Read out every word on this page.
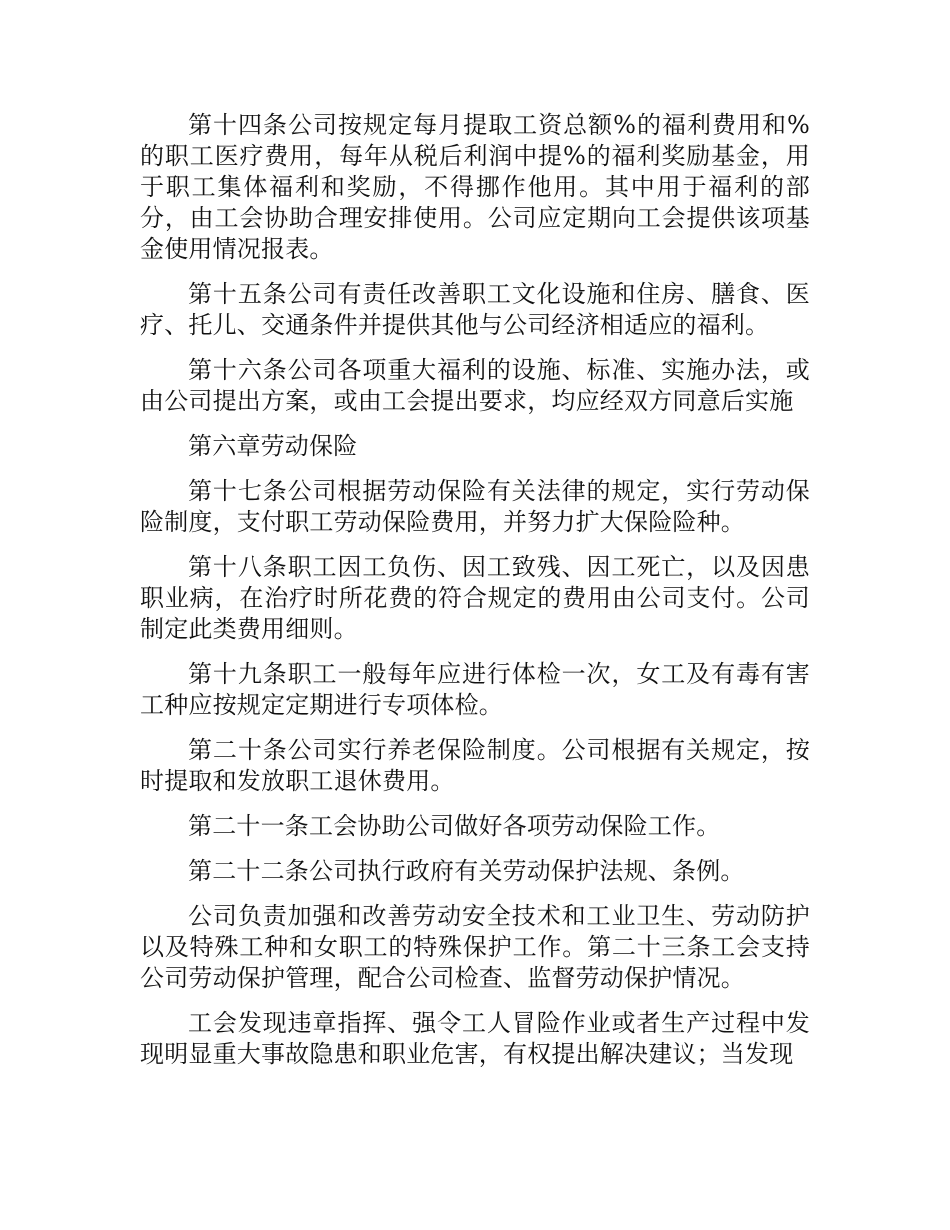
第十四条公司按规定每月提取工资总额%的福利费用和%的职工医疗费用，每年从税后利润中提%的福利奖励基金，用于职工集体福利和奖励，不得挪作他用。其中用于福利的部分，由工会协助合理安排使用。公司应定期向工会提供该项基金使用情况报表。

第十五条公司有责任改善职工文化设施和住房、膳食、医疗、托儿、交通条件并提供其他与公司经济相适应的福利。

第十六条公司各项重大福利的设施、标准、实施办法，或由公司提出方案，或由工会提出要求，均应经双方同意后实施

第六章劳动保险

第十七条公司根据劳动保险有关法律的规定，实行劳动保险制度，支付职工劳动保险费用，并努力扩大保险险种。

第十八条职工因工负伤、因工致残、因工死亡，以及因患职业病，在治疗时所花费的符合规定的费用由公司支付。公司制定此类费用细则。

第十九条职工一般每年应进行体检一次，女工及有毒有害工种应按规定定期进行专项体检。

第二十条公司实行养老保险制度。公司根据有关规定，按时提取和发放职工退休费用。

第二十一条工会协助公司做好各项劳动保险工作。

第二十二条公司执行政府有关劳动保护法规、条例。

公司负责加强和改善劳动安全技术和工业卫生、劳动防护以及特殊工种和女职工的特殊保护工作。第二十三条工会支持公司劳动保护管理，配合公司检查、监督劳动保护情况。

工会发现违章指挥、强令工人冒险作业或者生产过程中发现明显重大事故隐患和职业危害，有权提出解决建议；当发现
